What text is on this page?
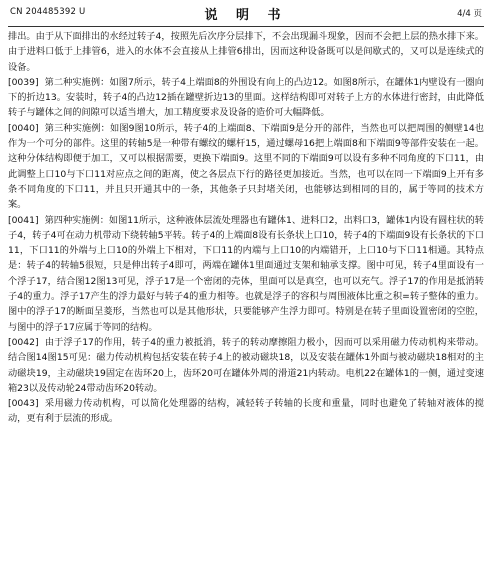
CN 204485392 U	说 明 书	4/4 页

排出。由于从下面排出的水经过转子4，按照先后次序分层排下，不会出现漏斗现象，因而不会把上层的热水排下来。由于进料口低于上排管6，进入的水体不会直接从上排管6排出，因而这种设备既可以是间歇式的，又可以是连续式的设备。

[0039] 第二种实施例：如图7所示，转子4上端面8的外围设有向上的凸边12。如图8所示，在罐体1内壁设有一圈向下的折边13。安装时，转子4的凸边12插在罐壁折边13的里面。这样结构即可对转子上方的水体进行密封，由此降低转子与罐体之间的间隙可以适当增大，加工精度要求及设备的造价可大幅降低。

[0040] 第三种实施例：如图9图10所示，转子4的上端面8、下端面9是分开的部件，当然也可以把周围的侧壁14也作为一个可分的部件。这里的转轴5是一种带有螺纹的螺杆15，通过螺母16把上端面8和下端面9等部件安装在一起。这种分体结构即便于加工，又可以根据需要，更换下端面9。这里不同的下端面9可以设有多种不同角度的下口11，由此调整上口10与下口11对应点之间的距离，使之各层点下行的路径更加接近。当然，也可以在同一下端面9上开有多条不同角度的下口11，并且只开通其中的一条，其他条子只封堵关闭，也能够达到相同的目的，属于等同的技术方案。

[0041] 第四种实施例：如图11所示，这种液体层流处理器也有罐体1、进料口2，出料口3，罐体1内设有圆柱状的转子4，转子4可在动力机带动下绕转轴5平转。转子4的上端面8设有长条状上口10，转子4的下端面9设有长条状的下口11，下口11的外端与上口10的外端上下相对，下口11的内端与上口10的内端错开，上口10与下口11相通。其特点是：转子4的转轴5很短，只是伸出转子4即可，两端在罐体1里面通过支架和轴承支撑。图中可见，转子4里面设有一个浮子17，结合图12图13可见，浮子17是一个密闭的壳体，里面可以是真空，也可以充气。浮子17的作用是抵消转子4的重力。浮子17产生的浮力最好与转子4的重力相等。也就是浮子的容积与周围液体比重之积=转子整体的重力。图中的浮子17的断面呈菱形，当然也可以是其他形状，只要能够产生浮力即可。特别是在转子里面设置密闭的空腔，与图中的浮子17应属于等同的结构。

[0042] 由于浮子17的作用，转子4的重力被抵消，转子的转动摩擦阻力极小，因而可以采用磁力传动机构来带动。结合图14图15可见：磁力传动机构包括安装在转子4上的被动磁块18，以及安装在罐体1外面与被动磁块18相对的主动磁块19，主动磁块19固定在齿环20上，齿环20可在罐体外周的滑道21内转动。电机22在罐体1的一侧，通过变速箱23以及传动轮24带动齿环20转动。

[0043] 采用磁力传动机构，可以简化处理器的结构，减轻转子转轴的长度和重量，同时也避免了转轴对液体的搅动，更有利于层流的形成。
